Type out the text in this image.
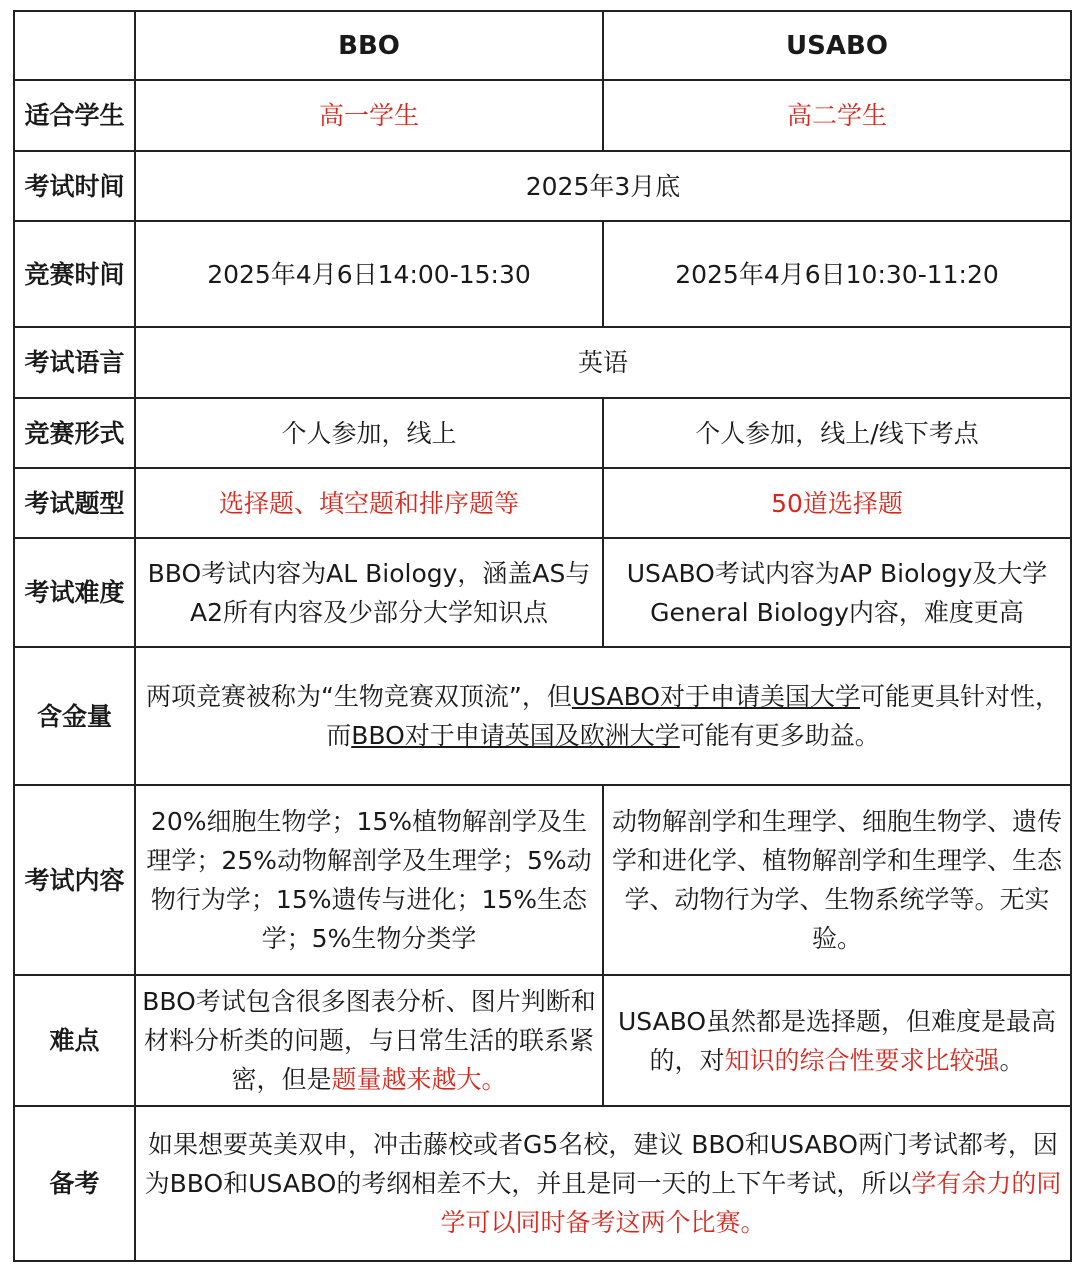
	BBO	USABO
适合学生	高一学生	高二学生
考试时间	2025年3月底	
竞赛时间	2025年4月6日14:00-15:30	2025年4月6日10:30-11:20
考试语言	英语	
竞赛形式	个人参加，线上	个人参加，线上/线下考点
考试题型	选择题、填空题和排序题等	50道选择题
考试难度	BBO考试内容为AL Biology，涵盖AS与A2所有内容及少部分大学知识点	USABO考试内容为AP Biology及大学General Biology内容，难度更高
含金量	两项竞赛被称为“生物竞赛双顶流”，但USABO对于申请美国大学可能更具针对性，而BBO对于申请英国及欧洲大学可能有更多助益。	
考试内容	20%细胞生物学；15%植物解剖学及生理学；25%动物解剖学及生理学；5%动物行为学；15%遗传与进化；15%生态学；5%生物分类学	动物解剖学和生理学、细胞生物学、遗传学和进化学、植物解剖学和生理学、生态学、动物行为学、生物系统学等。无实验。
难点	BBO考试包含很多图表分析、图片判断和材料分析类的问题，与日常生活的联系紧密，但是题量越来越大。	USABO虽然都是选择题，但难度是最高的，对知识的综合性要求比较强。
备考	如果想要英美双申，冲击藤校或者G5名校，建议 BBO和USABO两门考试都考，因为BBO和USABO的考纲相差不大，并且是同一天的上下午考试，所以学有余力的同学可以同时备考这两个比赛。	
